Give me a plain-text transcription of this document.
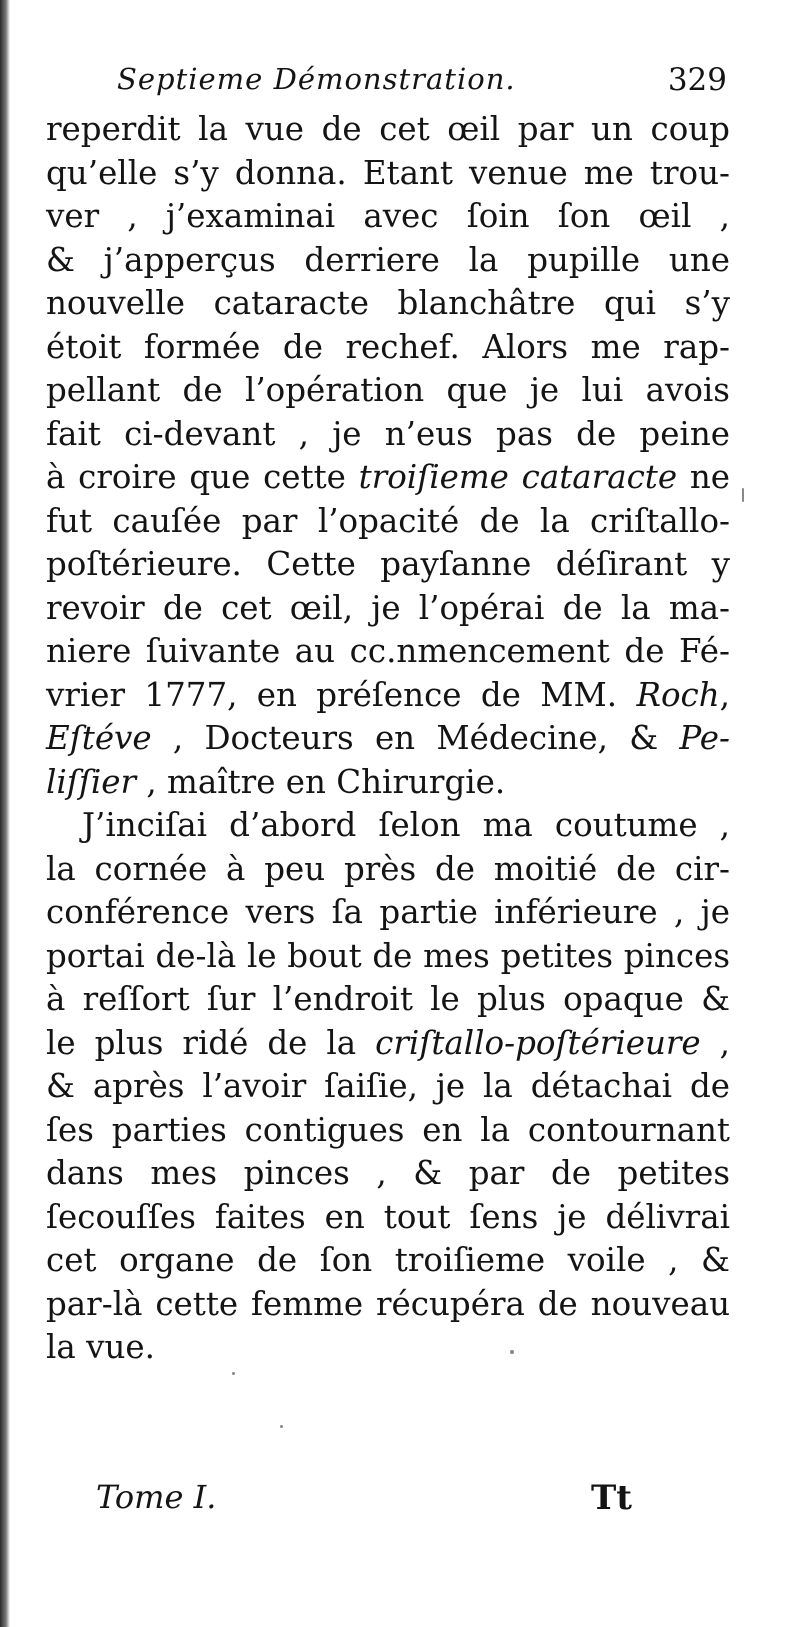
Septieme Démonstration.	329
reperdit la vue de cet œil par un coup
qu’elle s’y donna. Etant venue me trou-
ver , j’examinai avec ſoin ſon œil ,
& j’apperçus derriere la pupille une
nouvelle cataracte blanchâtre qui s’y
étoit formée de rechef. Alors me rap-
pellant de l’opération que je lui avois
fait ci-devant , je n’eus pas de peine
à croire que cette troiſieme cataracte ne
fut cauſée par l’opacité de la criſtallo-
poſtérieure. Cette payſanne déſirant y
revoir de cet œil, je l’opérai de la ma-
niere ſuivante au cc.nmencement de Fé-
vrier 1777, en préſence de MM. Roch,
Eſtéve , Docteurs en Médecine, & Pe-
liſſier , maître en Chirurgie.
J’inciſai d’abord ſelon ma coutume ,
la cornée à peu près de moitié de cir-
conférence vers ſa partie inférieure , je
portai de-là le bout de mes petites pinces
à reſſort ſur l’endroit le plus opaque &
le plus ridé de la criſtallo-poſtérieure ,
& après l’avoir ſaiſie, je la détachai de
ſes parties contigues en la contournant
dans mes pinces , & par de petites
ſecouſſes faites en tout ſens je délivrai
cet organe de ſon troiſieme voile , &
par-là cette femme récupéra de nouveau
la vue.
Tome I.	Tt
